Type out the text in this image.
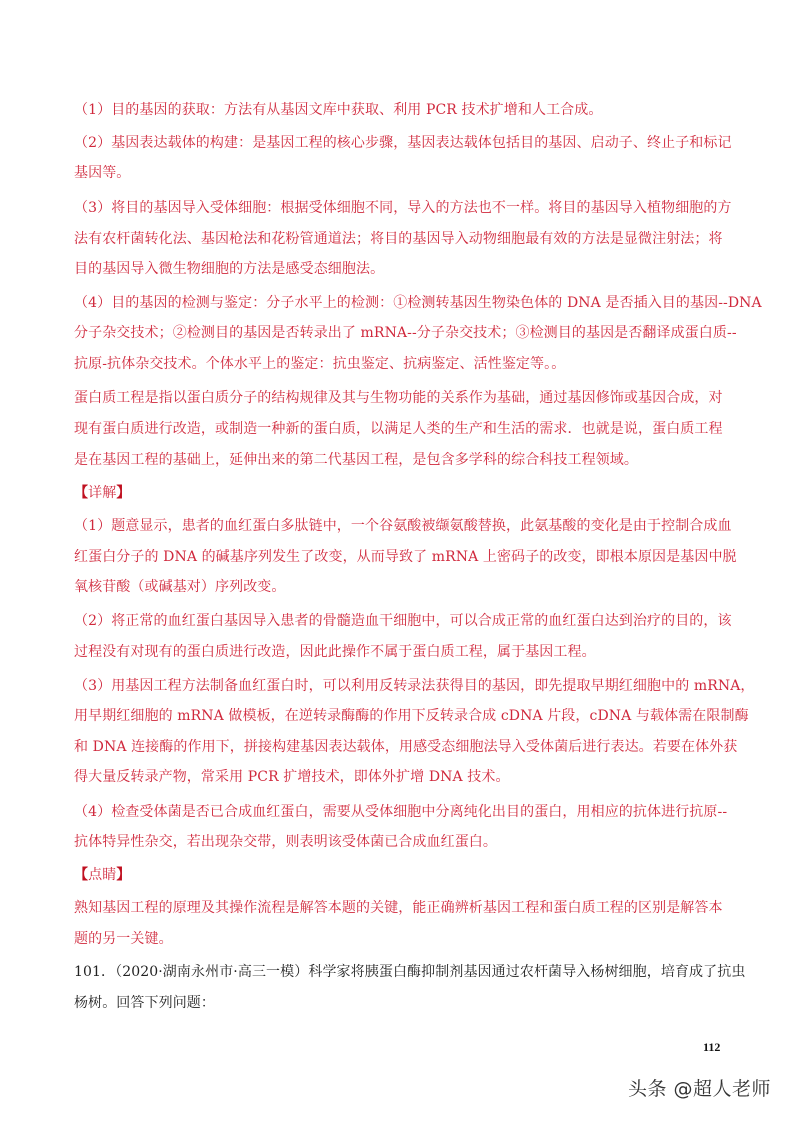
（1）目的基因的获取：方法有从基因文库中获取、利用 PCR 技术扩增和人工合成。
（2）基因表达载体的构建：是基因工程的核心步骤，基因表达载体包括目的基因、启动子、终止子和标记
基因等。
（3）将目的基因导入受体细胞：根据受体细胞不同，导入的方法也不一样。将目的基因导入植物细胞的方
法有农杆菌转化法、基因枪法和花粉管通道法；将目的基因导入动物细胞最有效的方法是显微注射法；将
目的基因导入微生物细胞的方法是感受态细胞法。
（4）目的基因的检测与鉴定：分子水平上的检测：①检测转基因生物染色体的 DNA 是否插入目的基因--DNA
分子杂交技术；②检测目的基因是否转录出了 mRNA--分子杂交技术；③检测目的基因是否翻译成蛋白质--
抗原-抗体杂交技术。个体水平上的鉴定：抗虫鉴定、抗病鉴定、活性鉴定等。。
蛋白质工程是指以蛋白质分子的结构规律及其与生物功能的关系作为基础，通过基因修饰或基因合成，对
现有蛋白质进行改造，或制造一种新的蛋白质，以满足人类的生产和生活的需求．也就是说，蛋白质工程
是在基因工程的基础上，延伸出来的第二代基因工程，是包含多学科的综合科技工程领域。
【详解】
（1）题意显示，患者的血红蛋白多肽链中，一个谷氨酸被缬氨酸替换，此氨基酸的变化是由于控制合成血
红蛋白分子的 DNA 的碱基序列发生了改变，从而导致了 mRNA 上密码子的改变，即根本原因是基因中脱
氧核苷酸（或碱基对）序列改变。
（2）将正常的血红蛋白基因导入患者的骨髓造血干细胞中，可以合成正常的血红蛋白达到治疗的目的，该
过程没有对现有的蛋白质进行改造，因此此操作不属于蛋白质工程，属于基因工程。
（3）用基因工程方法制备血红蛋白时，可以利用反转录法获得目的基因，即先提取早期红细胞中的 mRNA，
用早期红细胞的 mRNA 做模板，在逆转录酶酶的作用下反转录合成 cDNA 片段，cDNA 与载体需在限制酶
和 DNA 连接酶的作用下，拼接构建基因表达载体，用感受态细胞法导入受体菌后进行表达。若要在体外获
得大量反转录产物，常采用 PCR 扩增技术，即体外扩增 DNA 技术。
（4）检查受体菌是否已合成血红蛋白，需要从受体细胞中分离纯化出目的蛋白，用相应的抗体进行抗原--
抗体特异性杂交，若出现杂交带，则表明该受体菌已合成血红蛋白。
【点睛】
熟知基因工程的原理及其操作流程是解答本题的关键，能正确辨析基因工程和蛋白质工程的区别是解答本
题的另一关键。
101．（2020·湖南永州市·高三一模）科学家将胰蛋白酶抑制剂基因通过农杆菌导入杨树细胞，培育成了抗虫
杨树。回答下列问题：
112
头条 @超人老师
